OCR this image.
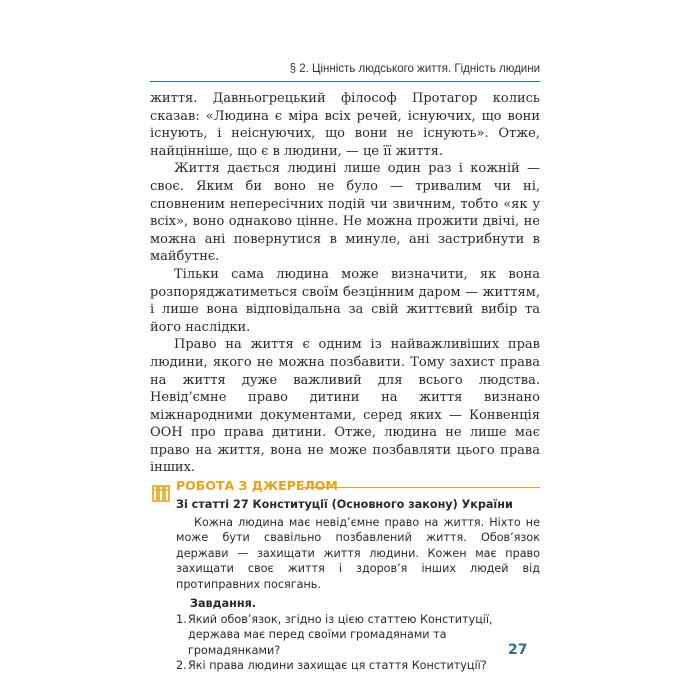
§ 2. Цінність людського життя. Гідність людини

життя. Давньогрецький філософ Протагор колись сказав: «Людина є міра всіх речей, існуючих, що вони існують, і неіснуючих, що вони не існують». Отже, найцінніше, що є в людини, — це її життя.

Життя дається людині лише один раз і кожній — своє. Яким би воно не було — тривалим чи ні, сповненим непересічних подій чи звичним, тобто «як у всіх», воно однаково цінне. Не можна прожити двічі, не можна ані повернутися в минуле, ані застрибнути в майбутнє.

Тільки сама людина може визначити, як вона розпоряджатиметься своїм безцінним даром — життям, і лише вона відповідальна за свій життєвий вибір та його наслідки.

Право на життя є одним із найважливіших прав людини, якого не можна позбавити. Тому захист права на життя дуже важливий для всього людства. Невід’ємне право дитини на життя визнано міжнародними документами, серед яких — Конвенція ООН про права дитини. Отже, людина не лише має право на життя, вона не може позбавляти цього права інших.

РОБОТА З ДЖЕРЕЛОМ
Зі статті 27 Конституції (Основного закону) України

Кожна людина має невід’ємне право на життя. Ніхто не може бути свавільно позбавлений життя. Обов’язок держави — захищати життя людини. Кожен має право захищати своє життя і здоров’я інших людей від протиправних посягань.

Завдання.
1. Який обов’язок, згідно із цією статтею Конституції, держава має перед своїми громадянами та громадянками?
2. Які права людини захищає ця стаття Конституції?
27
